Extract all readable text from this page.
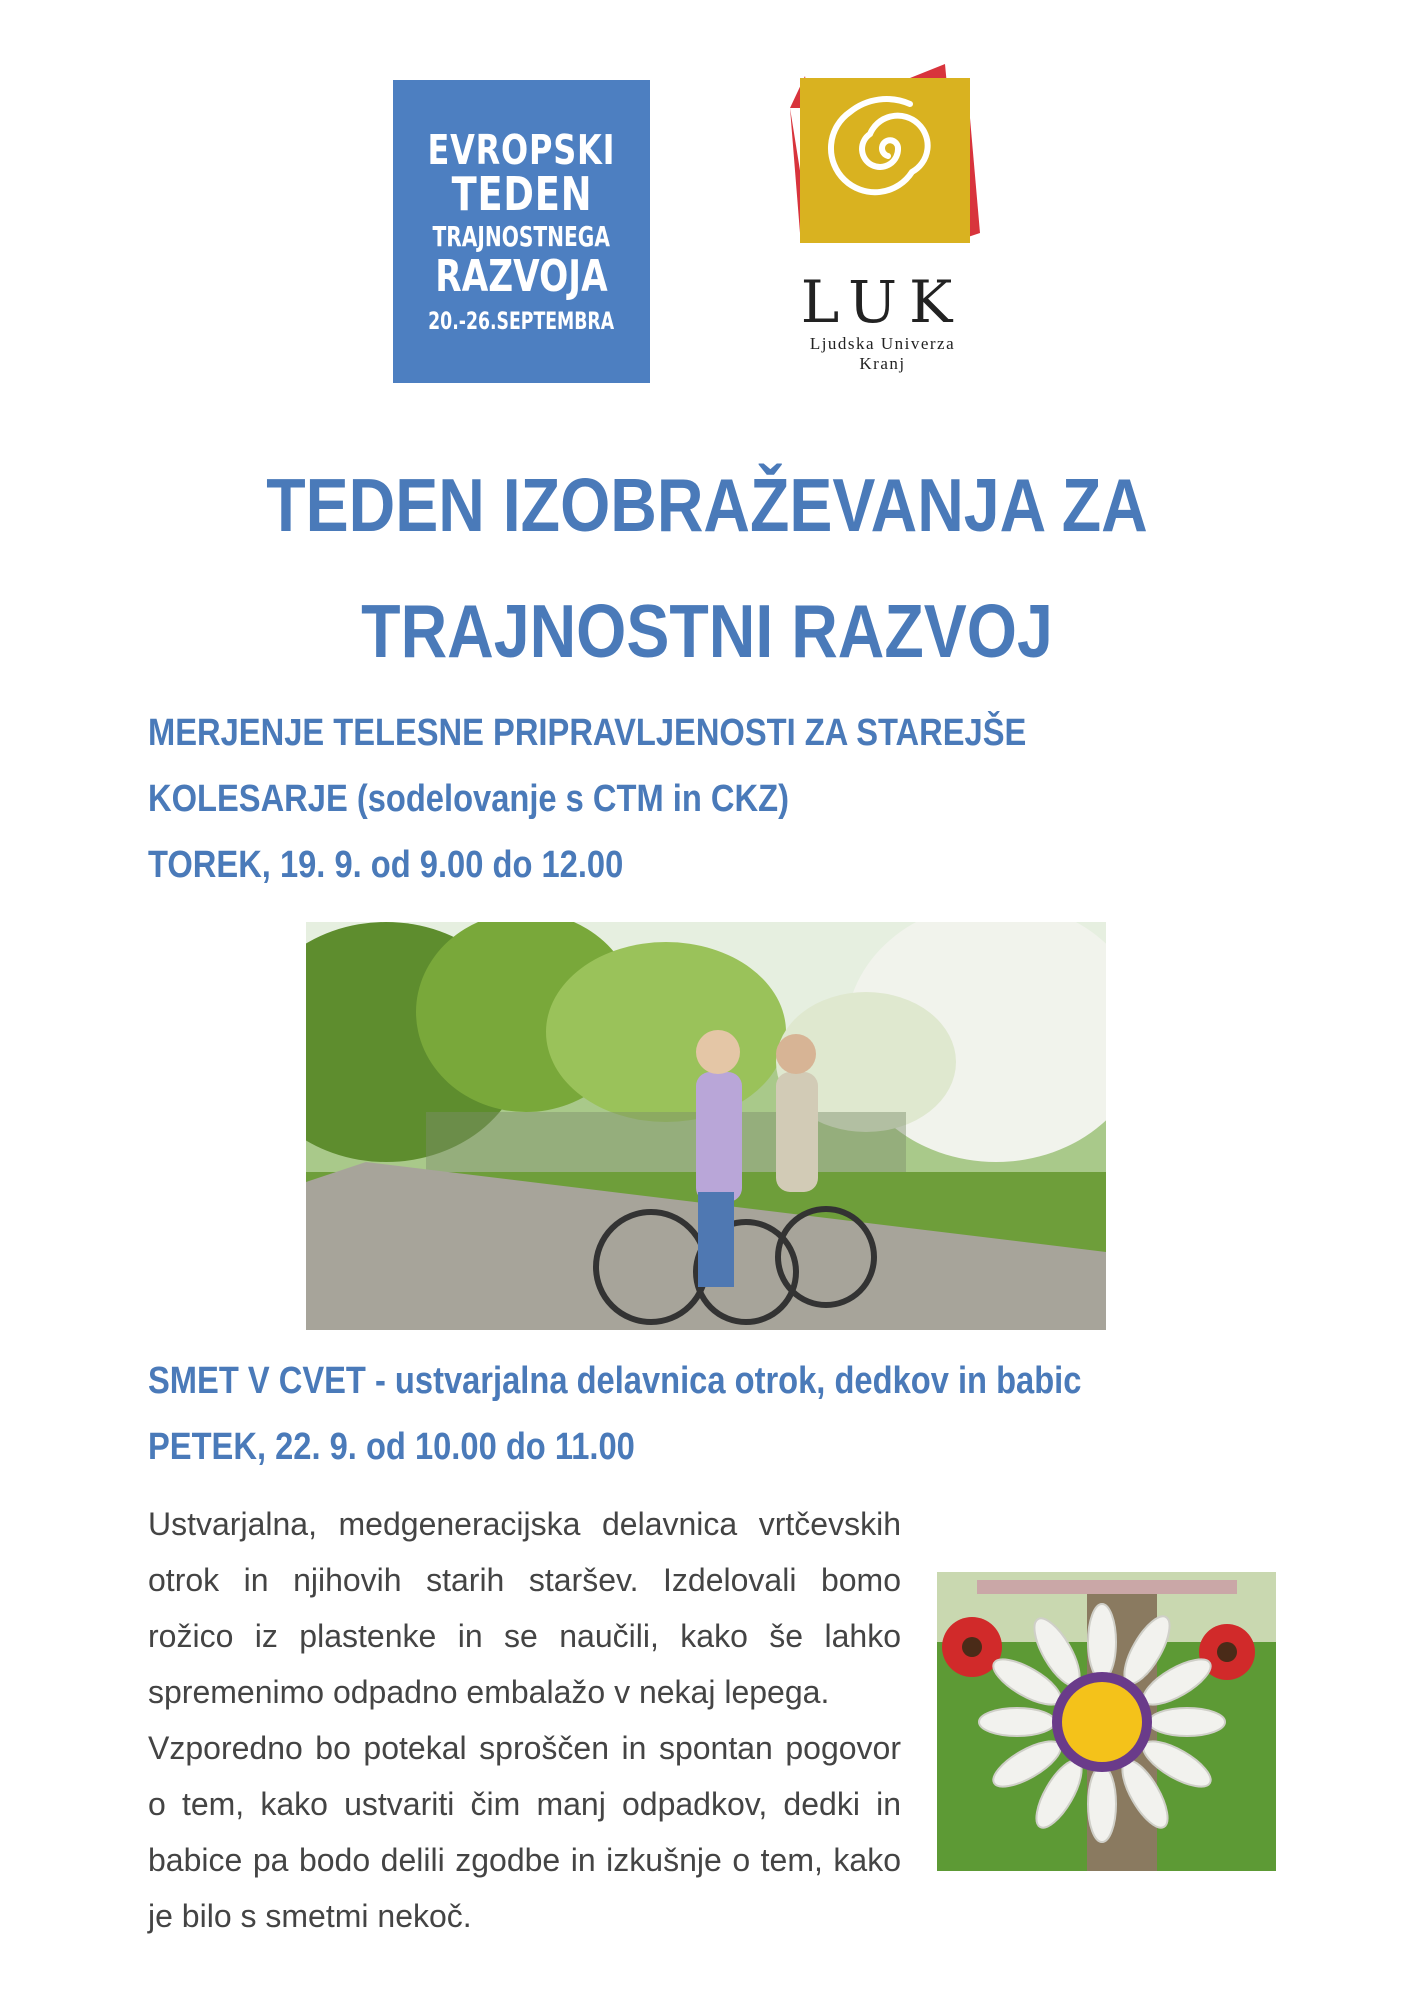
EVROPSKI
TEDEN
TRAJNOSTNEGA
RAZVOJA
20.-26.SEPTEMBRA	LUK
Ljudska Univerza
Kranj
TEDEN IZOBRAŽEVANJA ZA
TRAJNOSTNI RAZVOJ
MERJENJE TELESNE PRIPRAVLJENOSTI ZA STAREJŠE
KOLESARJE (sodelovanje s CTM in CKZ)
TOREK, 19. 9. od 9.00 do 12.00
SMET V CVET - ustvarjalna delavnica otrok, dedkov in babic
PETEK, 22. 9. od 10.00 do 11.00

Ustvarjalna, medgeneracijska delavnica vrtčevskih otrok in njihovih starih staršev. Izdelovali bomo rožico iz plastenke in se naučili, kako še lahko spremenimo odpadno embalažo v nekaj lepega.

Vzporedno bo potekal sproščen in spontan pogovor o tem, kako ustvariti čim manj odpadkov, dedki in babice pa bodo delili zgodbe in izkušnje o tem, kako je bilo s smetmi nekoč.
